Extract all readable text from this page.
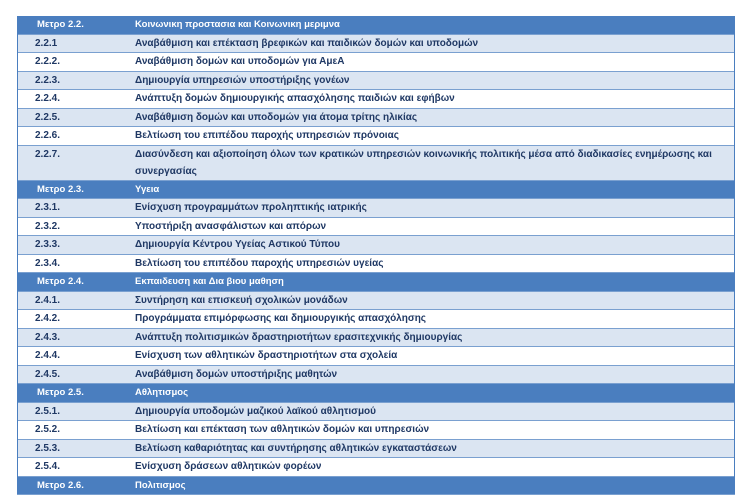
Μετρο 2.2.	Κοινωνικη προστασια και Κοινωνικη μεριμνα
2.2.1	Αναβάθμιση και επέκταση βρεφικών και παιδικών δομών και υποδομών
2.2.2.	Αναβάθμιση δομών και υποδομών για ΑμεΑ
2.2.3.	Δημιουργία υπηρεσιών υποστήριξης γονέων
2.2.4.	Ανάπτυξη δομών δημιουργικής απασχόλησης παιδιών και εφήβων
2.2.5.	Αναβάθμιση δομών και υποδομών για άτομα τρίτης ηλικίας
2.2.6.	Βελτίωση του επιπέδου παροχής υπηρεσιών πρόνοιας
2.2.7.	Διασύνδεση και αξιοποίηση όλων των κρατικών υπηρεσιών κοινωνικής πολιτικής μέσα από διαδικασίες ενημέρωσης και συνεργασίας
Μετρο 2.3.	Υγεια
2.3.1.	Ενίσχυση προγραμμάτων προληπτικής ιατρικής
2.3.2.	Υποστήριξη ανασφάλιστων και απόρων
2.3.3.	Δημιουργία Κέντρου Υγείας Αστικού Τύπου
2.3.4.	Βελτίωση του επιπέδου παροχής υπηρεσιών υγείας
Μετρο 2.4.	Εκπαιδευση και Δια βιου μαθηση
2.4.1.	Συντήρηση και επισκευή σχολικών μονάδων
2.4.2.	Προγράμματα επιμόρφωσης και δημιουργικής απασχόλησης
2.4.3.	Ανάπτυξη πολιτισμικών δραστηριοτήτων ερασιτεχνικής δημιουργίας
2.4.4.	Ενίσχυση των αθλητικών δραστηριοτήτων στα σχολεία
2.4.5.	Αναβάθμιση δομών υποστήριξης μαθητών
Μετρο 2.5.	Αθλητισμος
2.5.1.	Δημιουργία υποδομών μαζικού λαϊκού αθλητισμού
2.5.2.	Βελτίωση και επέκταση των αθλητικών δομών και υπηρεσιών
2.5.3.	Βελτίωση καθαριότητας και συντήρησης αθλητικών εγκαταστάσεων
2.5.4.	Ενίσχυση δράσεων αθλητικών φορέων
Μετρο 2.6.	Πολιτισμος
